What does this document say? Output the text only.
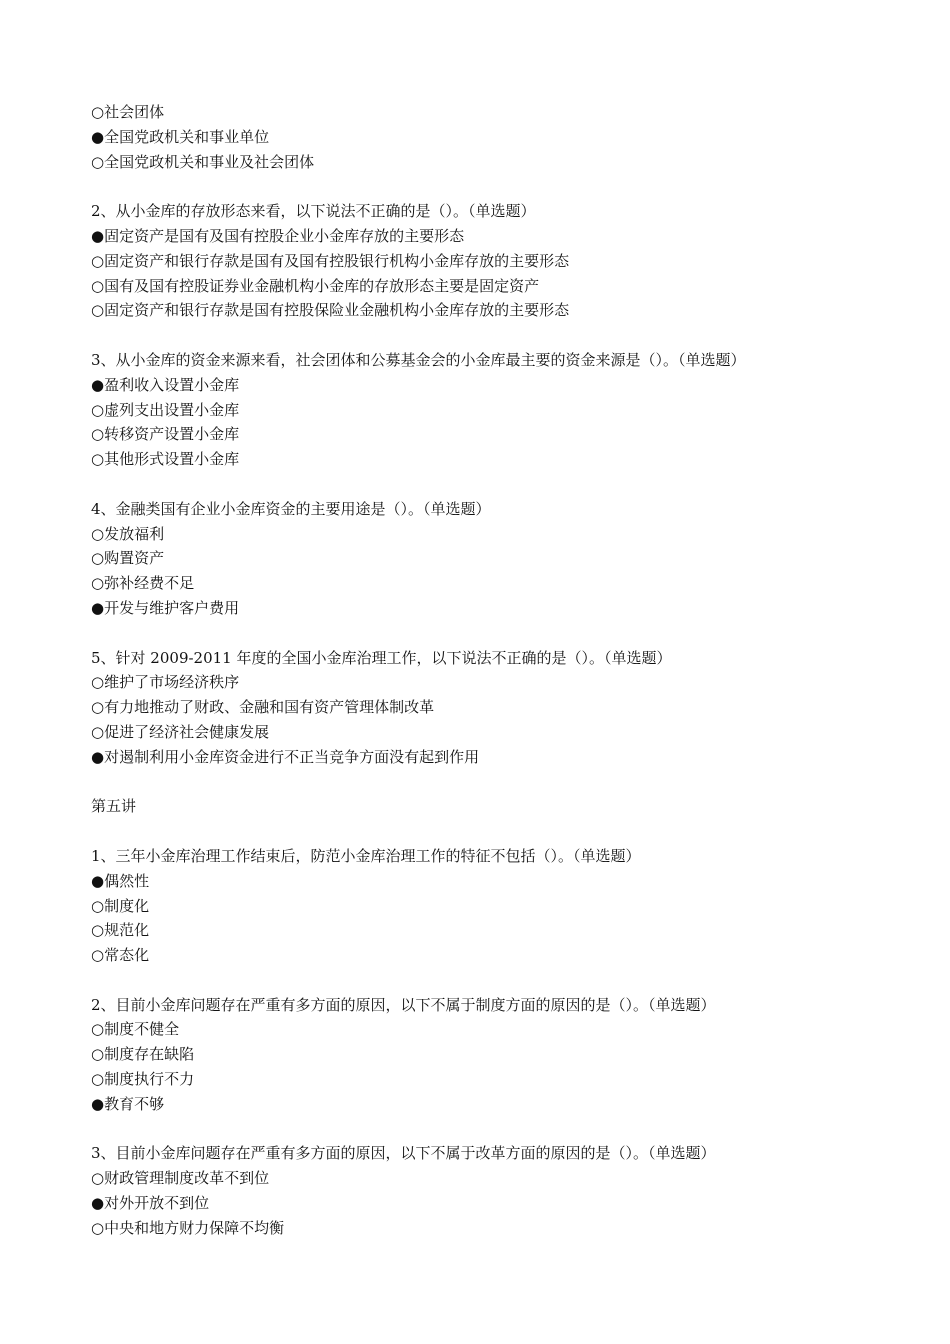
○社会团体
●全国党政机关和事业单位
○全国党政机关和事业及社会团体
2、从小金库的存放形态来看，以下说法不正确的是（）。（单选题）
●固定资产是国有及国有控股企业小金库存放的主要形态
○固定资产和银行存款是国有及国有控股银行机构小金库存放的主要形态
○国有及国有控股证券业金融机构小金库的存放形态主要是固定资产
○固定资产和银行存款是国有控股保险业金融机构小金库存放的主要形态
3、从小金库的资金来源来看，社会团体和公募基金会的小金库最主要的资金来源是（）。（单选题）
●盈利收入设置小金库
○虚列支出设置小金库
○转移资产设置小金库
○其他形式设置小金库
4、金融类国有企业小金库资金的主要用途是（）。（单选题）
○发放福利
○购置资产
○弥补经费不足
●开发与维护客户费用
5、针对 2009-2011 年度的全国小金库治理工作，以下说法不正确的是（）。（单选题）
○维护了市场经济秩序
○有力地推动了财政、金融和国有资产管理体制改革
○促进了经济社会健康发展
●对遏制利用小金库资金进行不正当竞争方面没有起到作用
第五讲
1、三年小金库治理工作结束后，防范小金库治理工作的特征不包括（）。（单选题）
●偶然性
○制度化
○规范化
○常态化
2、目前小金库问题存在严重有多方面的原因，以下不属于制度方面的原因的是（）。（单选题）
○制度不健全
○制度存在缺陷
○制度执行不力
●教育不够
3、目前小金库问题存在严重有多方面的原因，以下不属于改革方面的原因的是（）。（单选题）
○财政管理制度改革不到位
●对外开放不到位
○中央和地方财力保障不均衡
